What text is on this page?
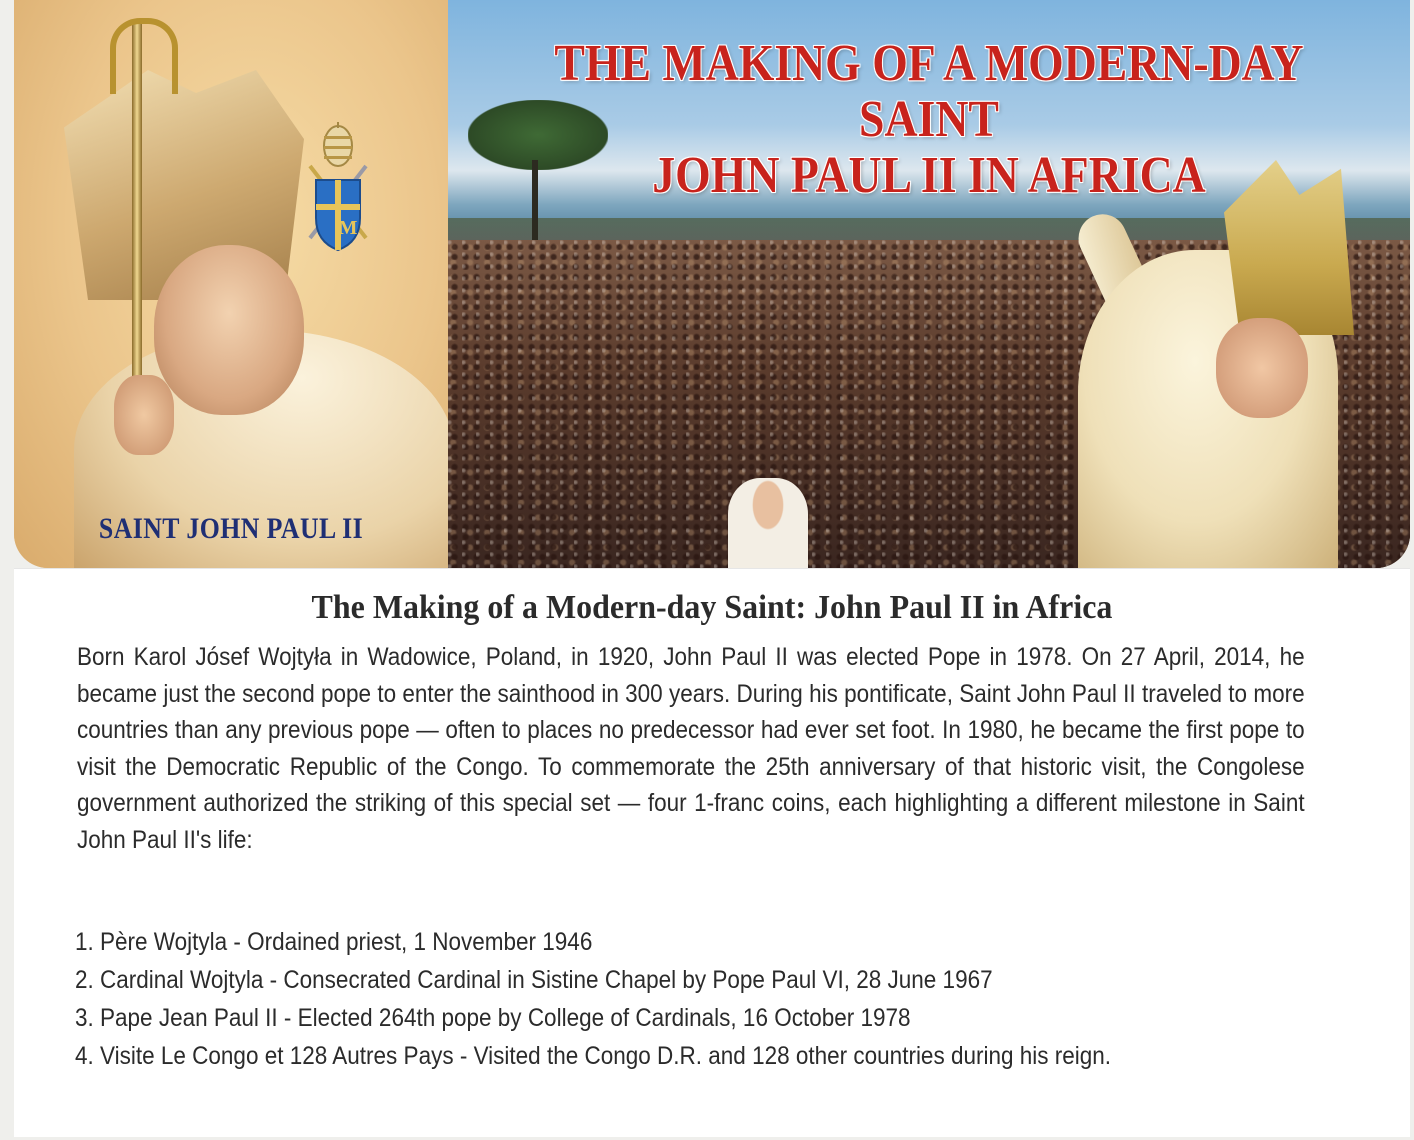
M
SAINT JOHN PAUL II
THE MAKING OF A MODERN-DAY SAINT
JOHN PAUL II IN AFRICA
The Making of a Modern-day Saint: John Paul II in Africa
Born Karol Jósef Wojtyła in Wadowice, Poland, in 1920, John Paul II was elected Pope in 1978. On 27 April, 2014, he became just the second pope to enter the sainthood in 300 years. During his pontificate, Saint John Paul II traveled to more countries than any previous pope — often to places no predecessor had ever set foot. In 1980, he became the first pope to visit the Democratic Republic of the Congo. To commemorate the 25th anniversary of that historic visit, the Congolese government authorized the striking of this special set — four 1-franc coins, each highlighting a different milestone in Saint John Paul II's life:
1. Père Wojtyla - Ordained priest, 1 November 1946
2. Cardinal Wojtyla - Consecrated Cardinal in Sistine Chapel by Pope Paul VI, 28 June 1967
3. Pape Jean Paul II - Elected 264th pope by College of Cardinals, 16 October 1978
4. Visite Le Congo et 128 Autres Pays - Visited the Congo D.R. and 128 other countries during his reign.
